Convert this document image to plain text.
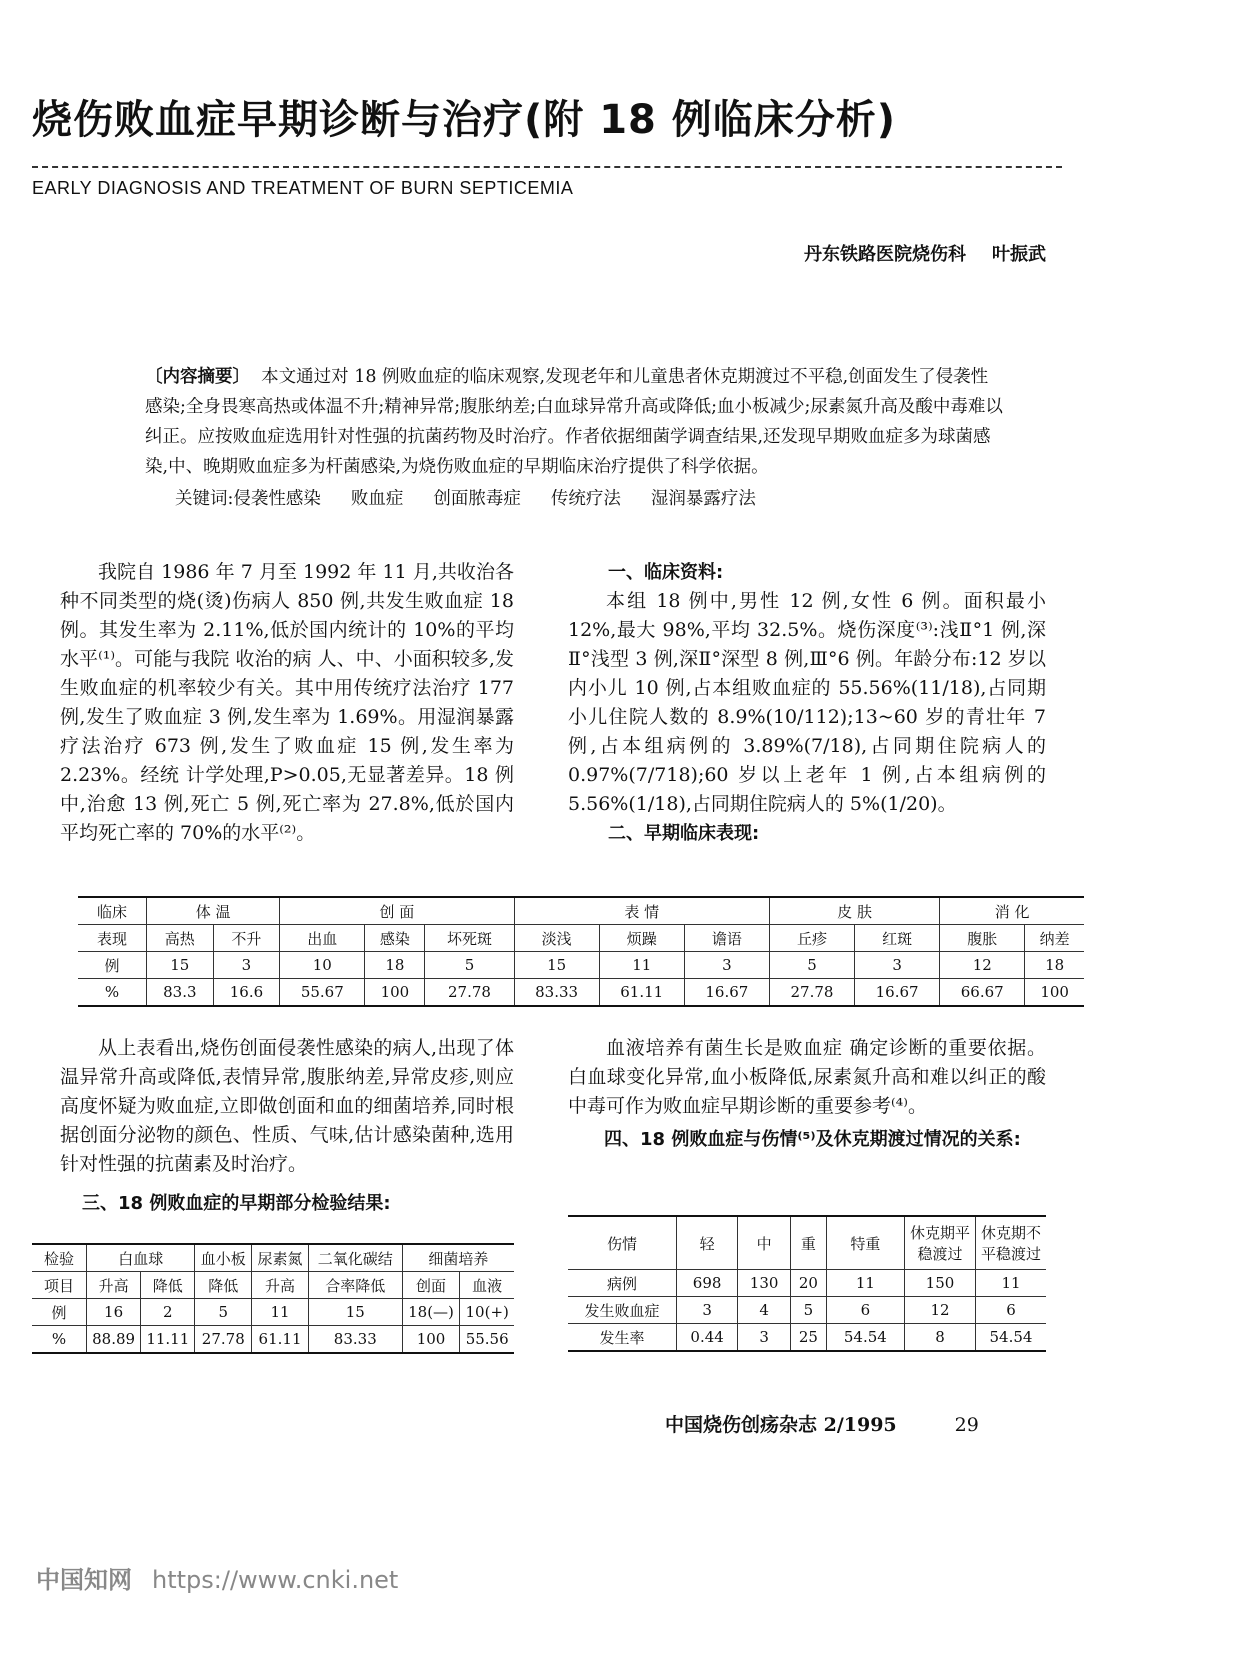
烧伤败血症早期诊断与治疗(附 18 例临床分析)
EARLY DIAGNOSIS AND TREATMENT OF BURN SEPTICEMIA
丹东铁路医院烧伤科 叶振武

〔内容摘要〕 本文通过对 18 例败血症的临床观察,发现老年和儿童患者休克期渡过不平稳,创面发生了侵袭性感染;全身畏寒高热或体温不升;精神异常;腹胀纳差;白血球异常升高或降低;血小板减少;尿素氮升高及酸中毒难以纠正。应按败血症选用针对性强的抗菌药物及时治疗。作者依据细菌学调查结果,还发现早期败血症多为球菌感染,中、晚期败血症多为杆菌感染,为烧伤败血症的早期临床治疗提供了科学依据。

关键词:侵袭性感染 败血症 创面脓毒症 传统疗法 湿润暴露疗法

我院自 1986 年 7 月至 1992 年 11 月,共收治各种不同类型的烧(烫)伤病人 850 例,共发生败血症 18 例。其发生率为 2.11%,低於国内统计的 10%的平均水平⁽¹⁾。可能与我院 收治的病 人、中、小面积较多,发生败血症的机率较少有关。其中用传统疗法治疗 177 例,发生了败血症 3 例,发生率为 1.69%。用湿润暴露疗法治疗 673 例,发生了败血症 15 例,发生率为 2.23%。经统 计学处理,P>0.05,无显著差异。18 例中,治愈 13 例,死亡 5 例,死亡率为 27.8%,低於国内平均死亡率的 70%的水平⁽²⁾。

一、临床资料:

本组 18 例中,男性 12 例,女性 6 例。面积最小 12%,最大 98%,平均 32.5%。烧伤深度⁽³⁾:浅Ⅱ°1 例,深Ⅱ°浅型 3 例,深Ⅱ°深型 8 例,Ⅲ°6 例。年龄分布:12 岁以内小儿 10 例,占本组败血症的 55.56%(11/18),占同期小儿住院人数的 8.9%(10/112);13~60 岁的青壮年 7 例,占本组病例的 3.89%(7/18),占同期住院病人的 0.97%(7/718);60 岁以上老年 1 例,占本组病例的 5.56%(1/18),占同期住院病人的 5%(1/20)。

二、早期临床表现:
临床	体 温		创 面			表 情			皮 肤		消 化	
表现	高热	不升	出血	感染	坏死斑	淡浅	烦躁	谵语	丘疹	红斑	腹胀	纳差
例	15	3	10	18	5	15	11	3	5	3	12	18
%	83.3	16.6	55.67	100	27.78	83.33	61.11	16.67	27.78	16.67	66.67	100

从上表看出,烧伤创面侵袭性感染的病人,出现了体温异常升高或降低,表情异常,腹胀纳差,异常皮疹,则应高度怀疑为败血症,立即做创面和血的细菌培养,同时根据创面分泌物的颜色、性质、气味,估计感染菌种,选用针对性强的抗菌素及时治疗。

三、18 例败血症的早期部分检验结果:
检验	白血球		血小板	尿素氮	二氧化碳结	细菌培养	
项目	升高	降低	降低	升高	合率降低	创面	血液
例	16	2	5	11	15	18(—)	10(+)
%	88.89	11.11	27.78	61.11	83.33	100	55.56

血液培养有菌生长是败血症 确定诊断的重要依据。白血球变化异常,血小板降低,尿素氮升高和难以纠正的酸中毒可作为败血症早期诊断的重要参考⁽⁴⁾。

四、18 例败血症与伤情⁽⁵⁾及休克期渡过情况的关系:
伤情	轻	中	重	特重	休克期平稳渡过	休克期不平稳渡过
病例	698	130	20	11	150	11
发生败血症	3	4	5	6	12	6
发生率	0.44	3	25	54.54	8	54.54
中国烧伤创疡杂志 2/1995	29
中国知网 https://www.cnki.net
